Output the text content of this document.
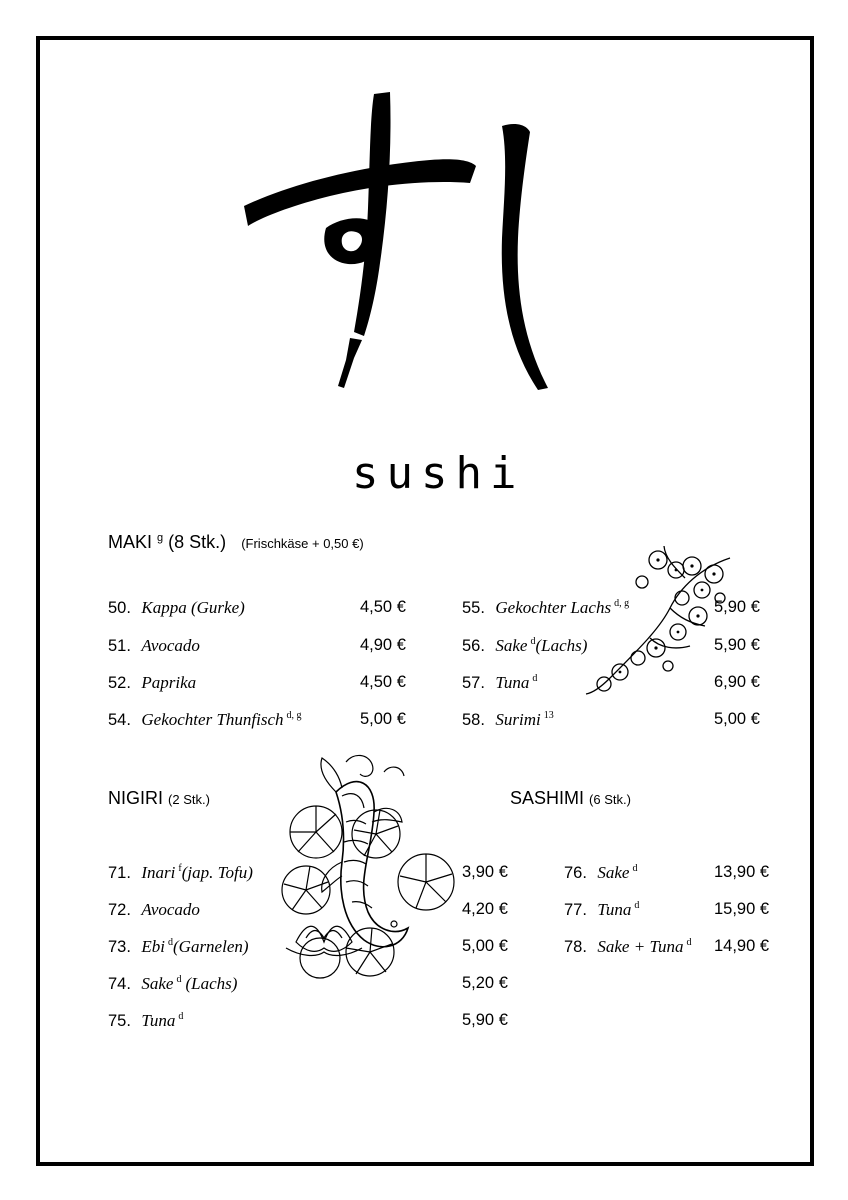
sushi
MAKI $^g$ (8 Stk.) (Frischkäse + 0,50 €)
50. Kappa (Gurke)	4,50 €
51. Avocado	4,90 €
52. Paprika	4,50 €
54. Gekochter Thunfisch $^{d, g}$	5,00 €
55. Gekochter Lachs $^{d, g}$	5,90 €
56. Sake $^d$(Lachs)	5,90 €
57. Tuna $^d$	6,90 €
58. Surimi $^{13}$	5,00 €
NIGIRI (2 Stk.)	SASHIMI (6 Stk.)
71. Inari $^f$(jap. Tofu)	3,90 €
72. Avocado	4,20 €
73. Ebi $^d$(Garnelen)	5,00 €
74. Sake $^d$ (Lachs)	5,20 €
75. Tuna $^d$	5,90 €
76. Sake $^d$	13,90 €
77. Tuna $^d$	15,90 €
78. Sake + Tuna $^d$ 14,90 €
